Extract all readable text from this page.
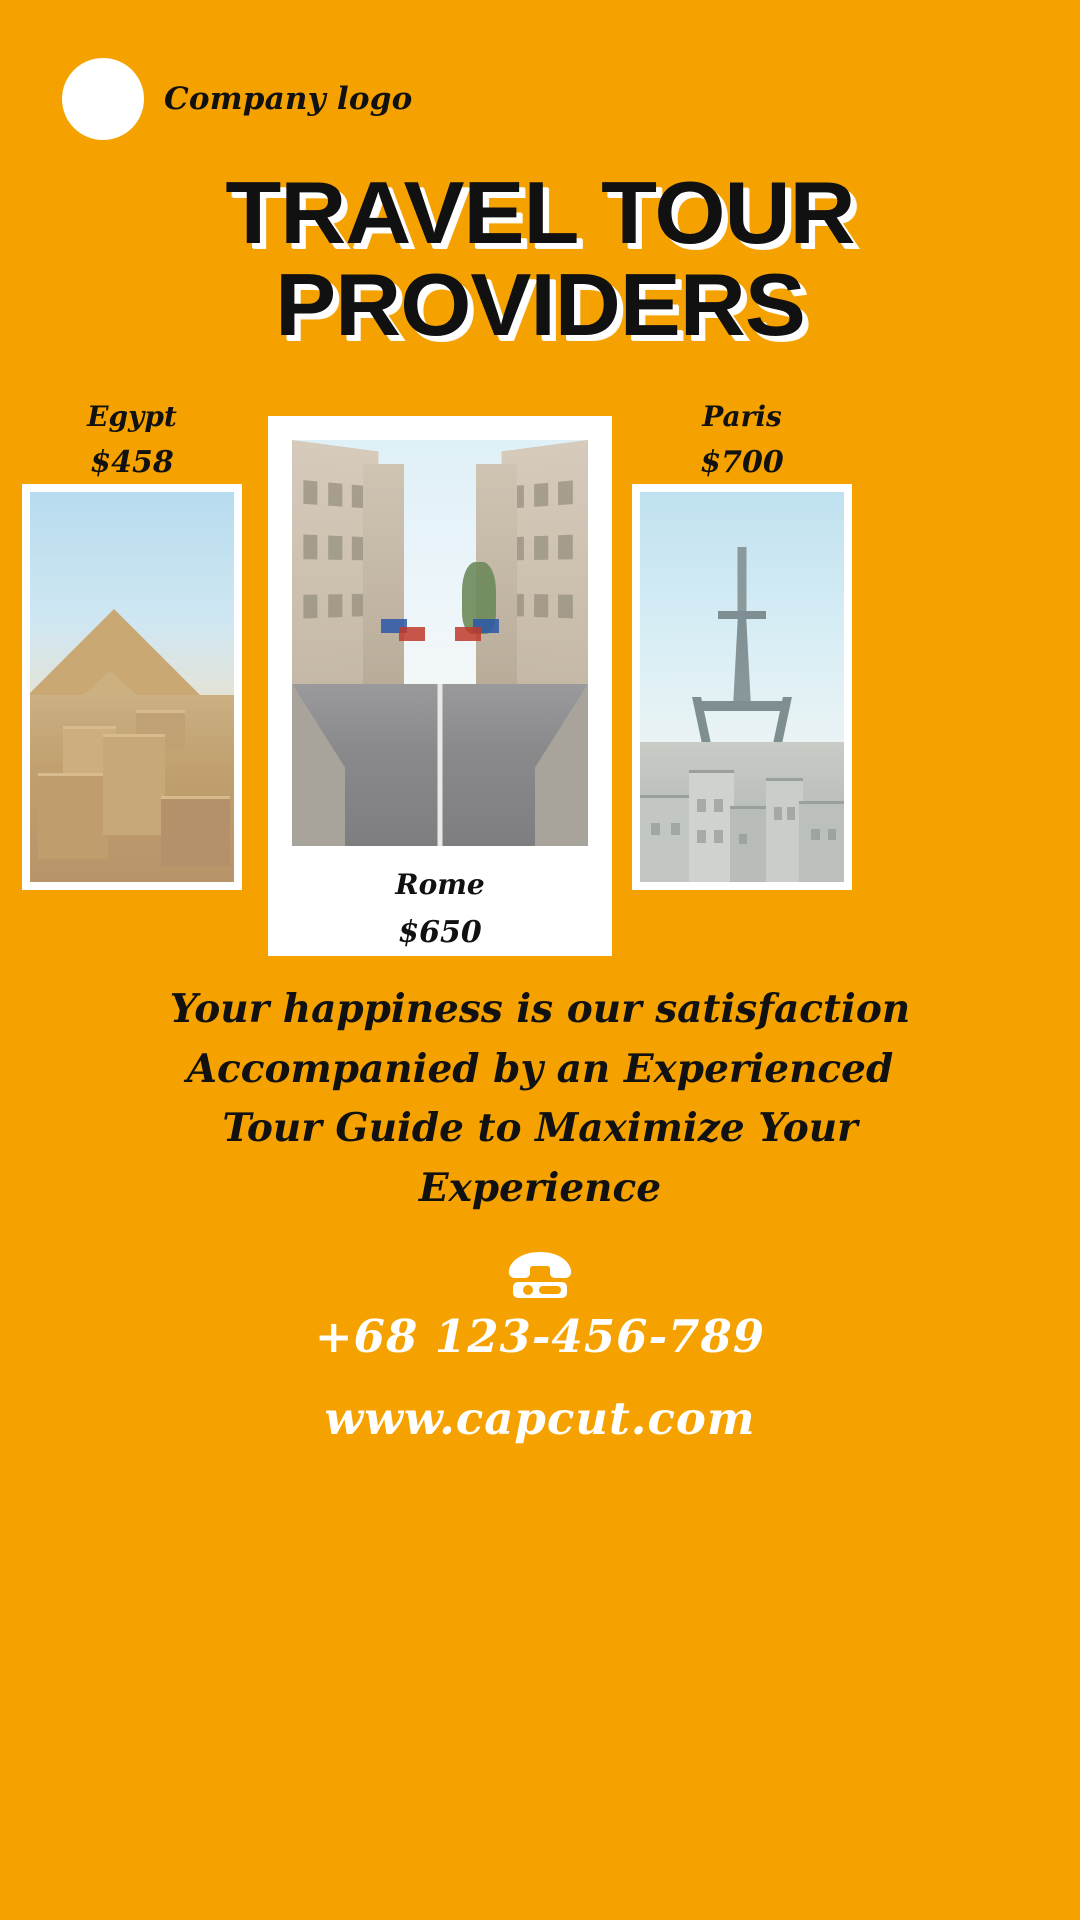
Company logo
TRAVEL TOUR
PROVIDERS
Egypt
$458
Rome
$650
Paris
$700
Your happiness is our satisfaction
Accompanied by an Experienced
Tour Guide to Maximize Your
Experience
+68 123-456-789
www.capcut.com
